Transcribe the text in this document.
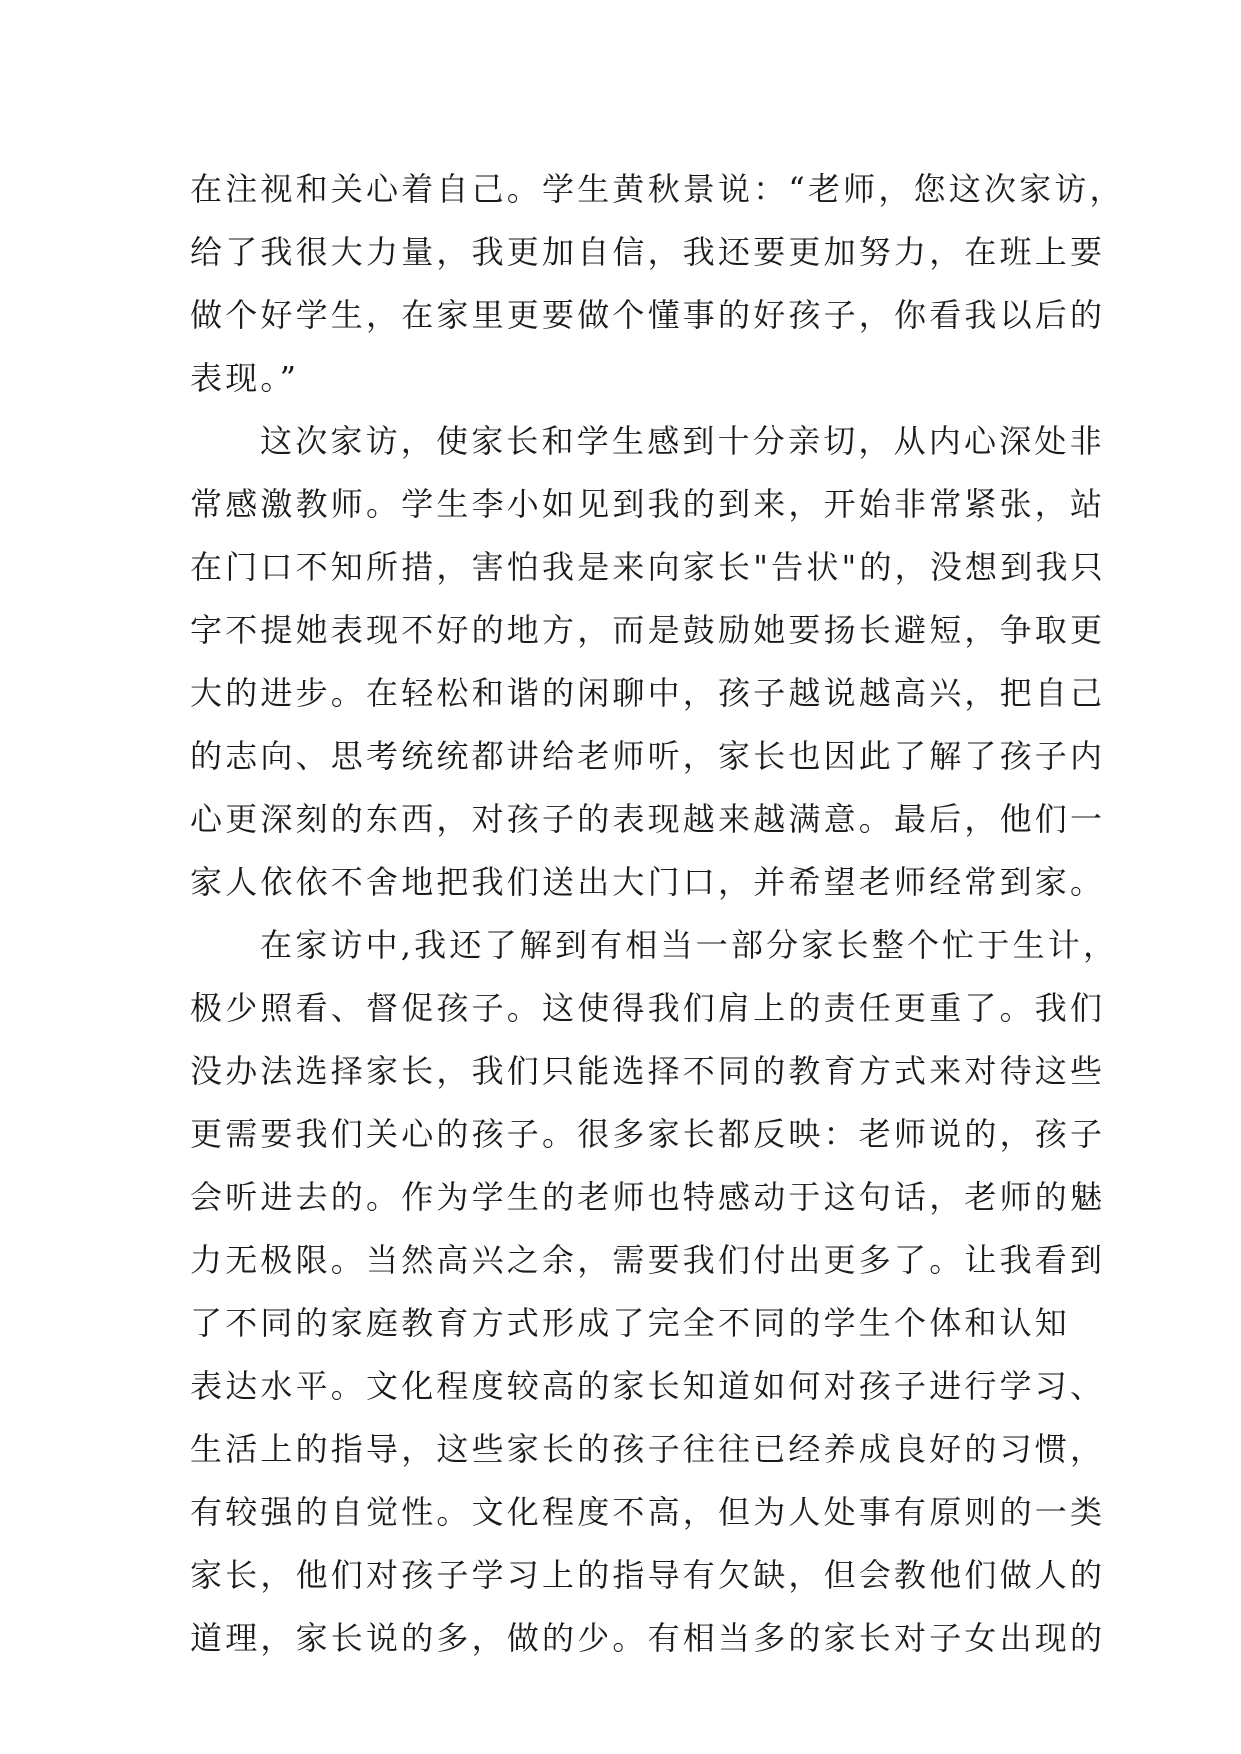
在注视和关心着自己。学生黄秋景说：“老师，您这次家访，
给了我很大力量，我更加自信，我还要更加努力，在班上要
做个好学生，在家里更要做个懂事的好孩子，你看我以后的
表现。”
这次家访，使家长和学生感到十分亲切，从内心深处非
常感激教师。学生李小如见到我的到来，开始非常紧张，站
在门口不知所措，害怕我是来向家长"告状"的，没想到我只
字不提她表现不好的地方，而是鼓励她要扬长避短，争取更
大的进步。在轻松和谐的闲聊中，孩子越说越高兴，把自己
的志向、思考统统都讲给老师听，家长也因此了解了孩子内
心更深刻的东西，对孩子的表现越来越满意。最后，他们一
家人依依不舍地把我们送出大门口，并希望老师经常到家。
在家访中,我还了解到有相当一部分家长整个忙于生计，
极少照看、督促孩子。这使得我们肩上的责任更重了。我们
没办法选择家长，我们只能选择不同的教育方式来对待这些
更需要我们关心的孩子。很多家长都反映：老师说的，孩子
会听进去的。作为学生的老师也特感动于这句话，老师的魅
力无极限。当然高兴之余，需要我们付出更多了。让我看到
了不同的家庭教育方式形成了完全不同的学生个体和认知
表达水平。文化程度较高的家长知道如何对孩子进行学习、
生活上的指导，这些家长的孩子往往已经养成良好的习惯，
有较强的自觉性。文化程度不高，但为人处事有原则的一类
家长，他们对孩子学习上的指导有欠缺，但会教他们做人的
道理，家长说的多，做的少。有相当多的家长对子女出现的
